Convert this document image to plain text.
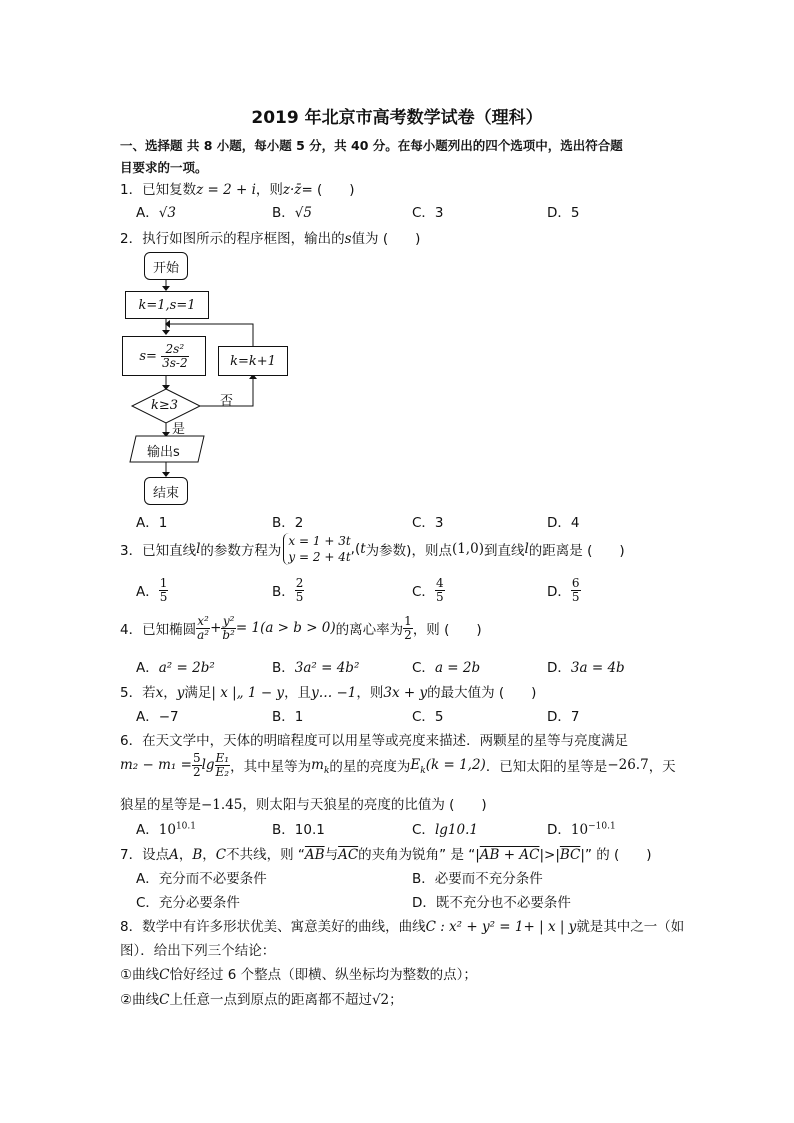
2019 年北京市高考数学试卷（理科）
一、选择题 共 8 小题，每小题 5 分，共 40 分。在每小题列出的四个选项中，选出符合题
目要求的一项。
1．已知复数z = 2 + i，则z·z̄= (　　)
A．√3	B．√5	C．3	D．5
2．执行如图所示的程序框图，输出的s值为 (　　)
开始
k=1,s=1
s=
$\frac{\text{2s²}}{3s-2}$	k=k+1
k≥3
是
否
输出s
结束
A．1	B．2	C．3	D．4
3．已知直线l的参数方程为x = 1 + 3t
y = 2 + 4t,(t为参数)，则点(1,0)到直线l的距离是 (　　)
A． $\frac{1}{5}$	B． $\frac{2}{5}$	C． $\frac{4}{5}$	D． $\frac{6}{5}$
4．已知椭圆 $\frac{\text{x²}}{\text{a²}} + \frac{\text{y²}}{\text{b²}} = 1(a > b > 0)$的离心率为 $\frac{1}{2}$ ，则 (　　)
A．a² = 2b²	B．3a² = 4b²	C．a = 2b	D．3a = 4b
5．若x，y满足| x |„ 1 − y，且y… −1，则3x + y的最大值为 (　　)
A．−7	B．1	C．5	D．7
6．在天文学中，天体的明暗程度可以用星等或亮度来描述．两颗星的星等与亮度满足
$m_2 - m_1 = \frac{5}{2}$ $\lg \frac{\text{E₁}}{\text{E₂}}$ ，其中星等为$m_k$的星的亮度为$E_k(k = 1,2)$．已知太阳的星等是−26.7，天
狼星的星等是−1.45，则太阳与天狼星的亮度的比值为 (　　)
A．$10^{10.1}$	B．10.1	C．lg10.1	D．$10^{-10.1}$
7．设点A，B，C不共线，则 “$\overline{AB}$与$\overline{AC}$的夹角为锐角” 是 “$|AB + AC|>|\overline{BC}|$” 的 (　　)
A．充分而不必要条件	B．必要而不充分条件
C．充分必要条件	D．既不充分也不必要条件
8．数学中有许多形状优美、寓意美好的曲线，曲线C : x² + y² = 1+ | x | y就是其中之一（如
图）．给出下列三个结论：
①曲线C恰好经过 6 个整点（即横、纵坐标均为整数的点）；
②曲线C上任意一点到原点的距离都不超过√2；
